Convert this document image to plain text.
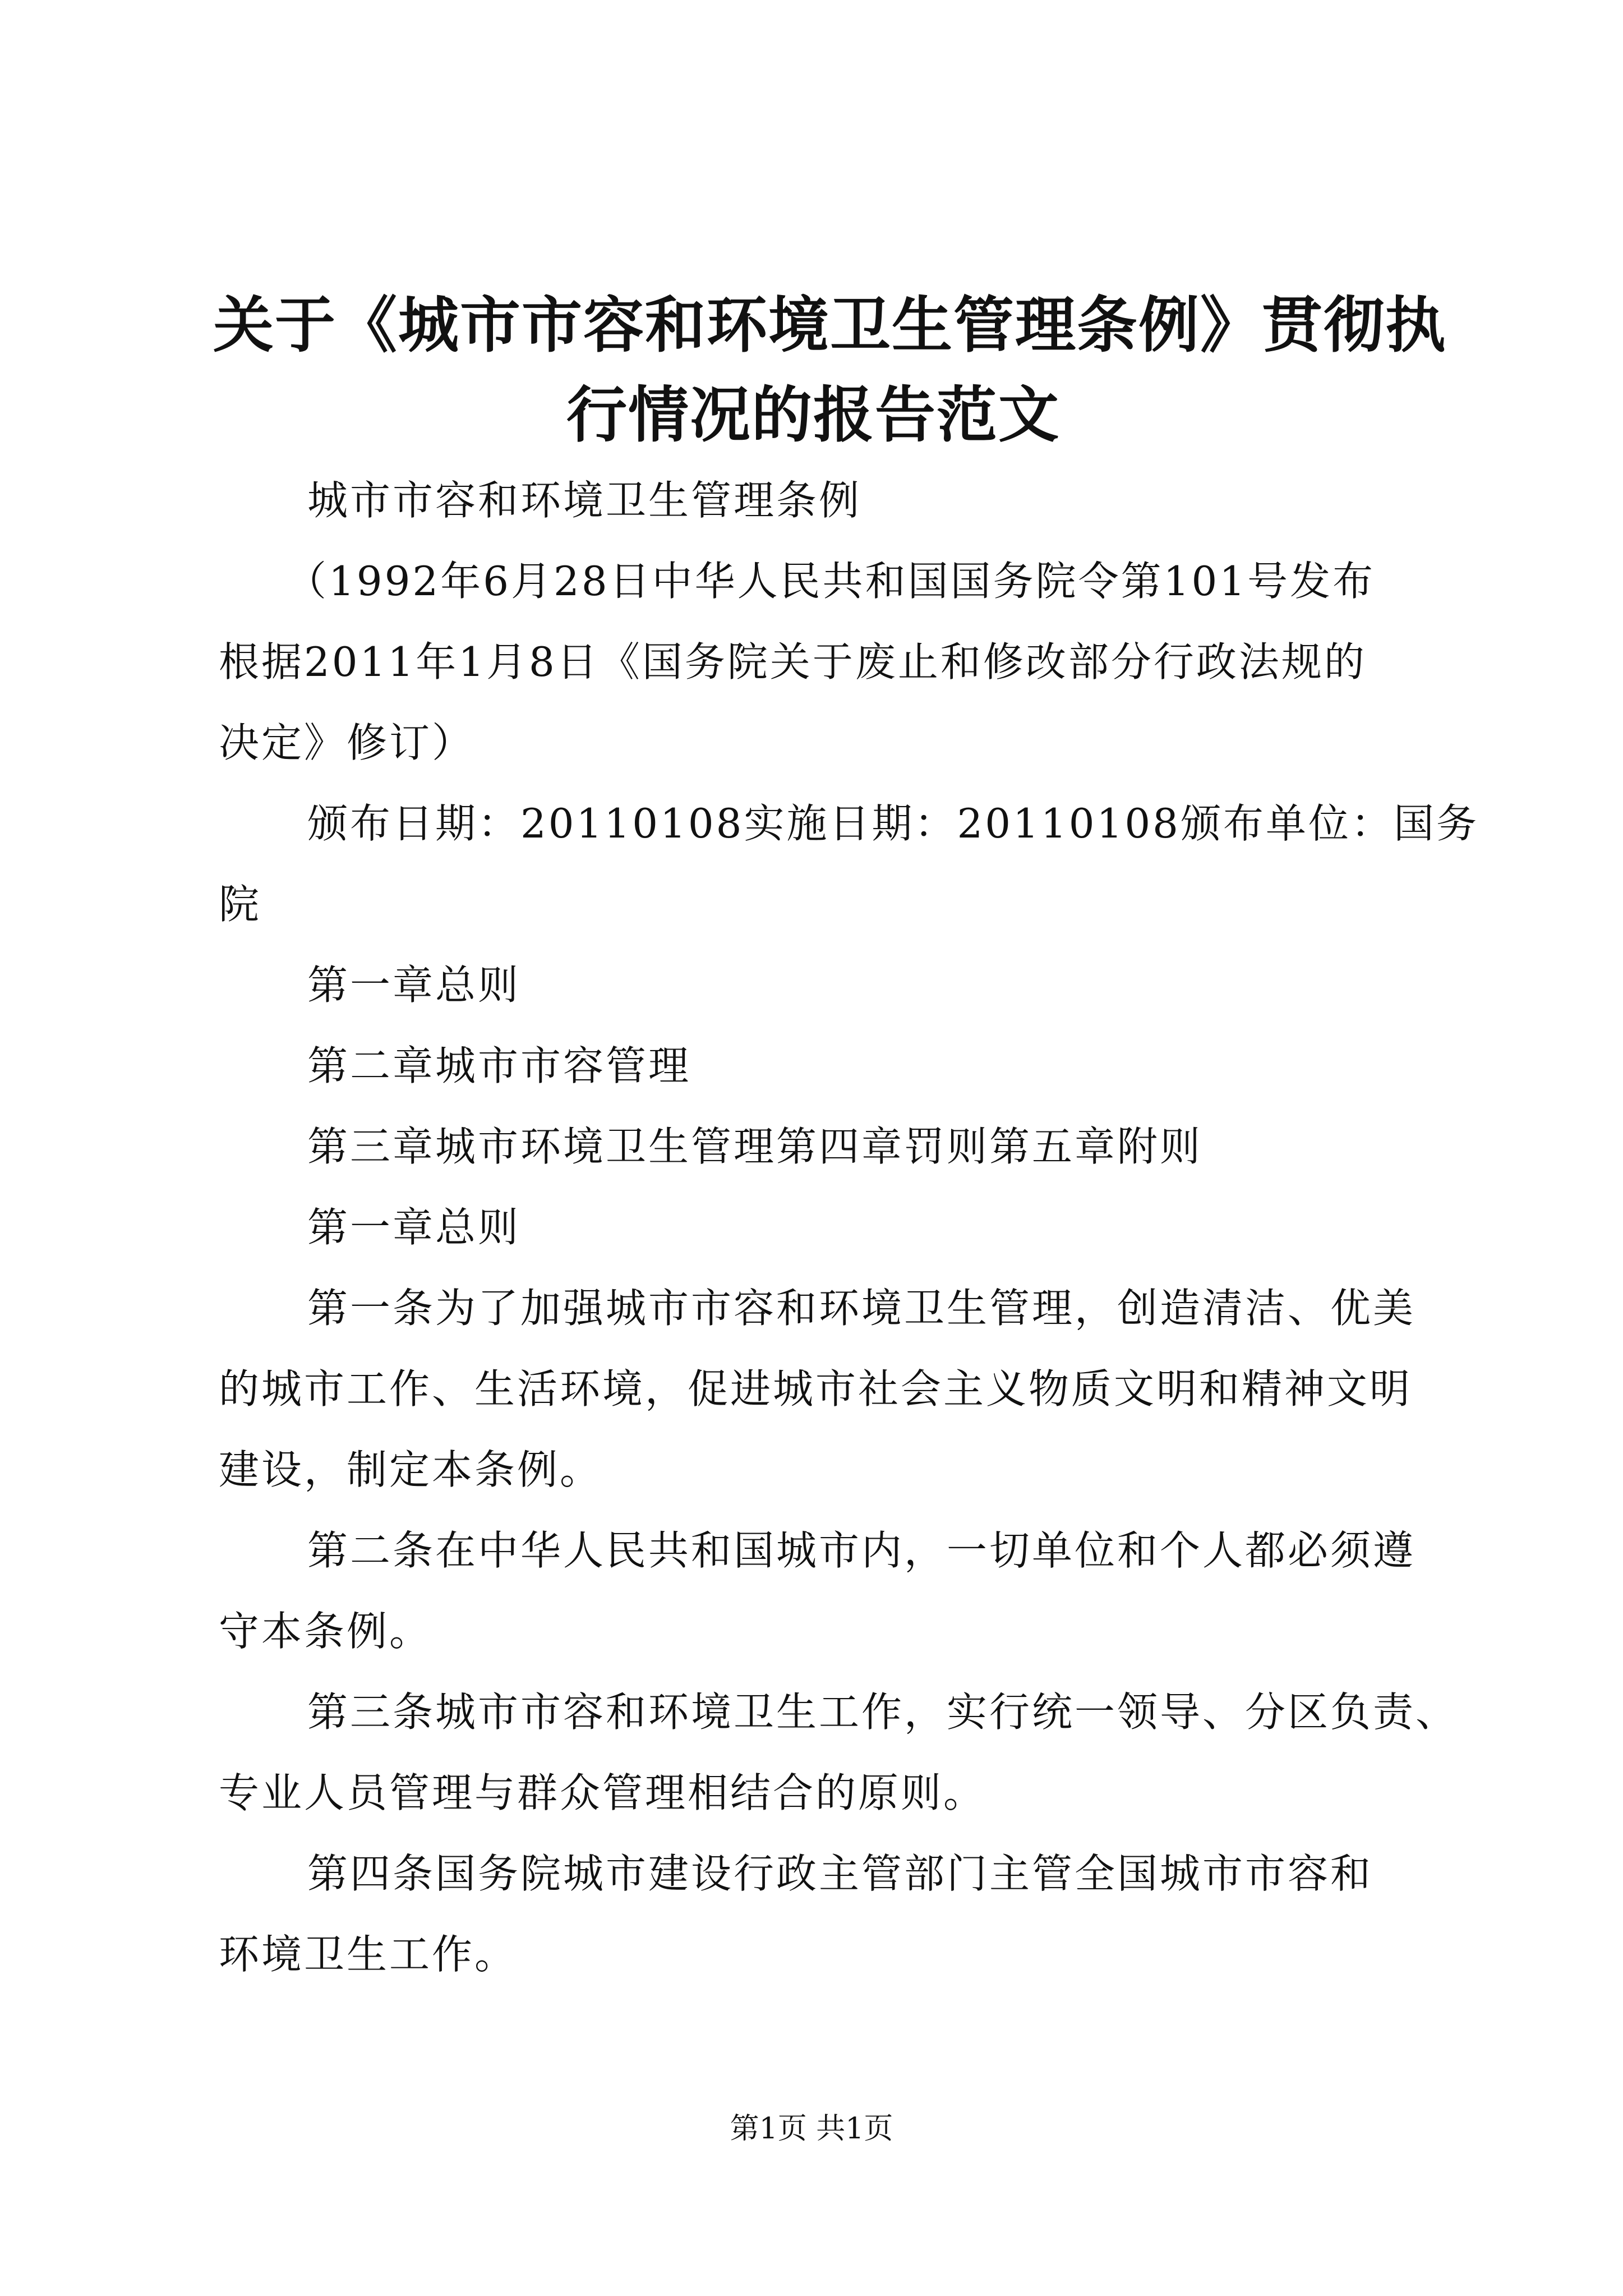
关于《城市市容和环境卫生管理条例》贯彻执
行情况的报告范文
城市市容和环境卫生管理条例
（1992年6月28日中华人民共和国国务院令第101号发布
根据2011年1月8日《国务院关于废止和修改部分行政法规的
决定》修订）
颁布日期：20110108实施日期：20110108颁布单位：国务
院
第一章总则
第二章城市市容管理
第三章城市环境卫生管理第四章罚则第五章附则
第一章总则
第一条为了加强城市市容和环境卫生管理，创造清洁、优美
的城市工作、生活环境，促进城市社会主义物质文明和精神文明
建设，制定本条例。
第二条在中华人民共和国城市内，一切单位和个人都必须遵
守本条例。
第三条城市市容和环境卫生工作，实行统一领导、分区负责、
专业人员管理与群众管理相结合的原则。
第四条国务院城市建设行政主管部门主管全国城市市容和
环境卫生工作。
第1页 共1页
